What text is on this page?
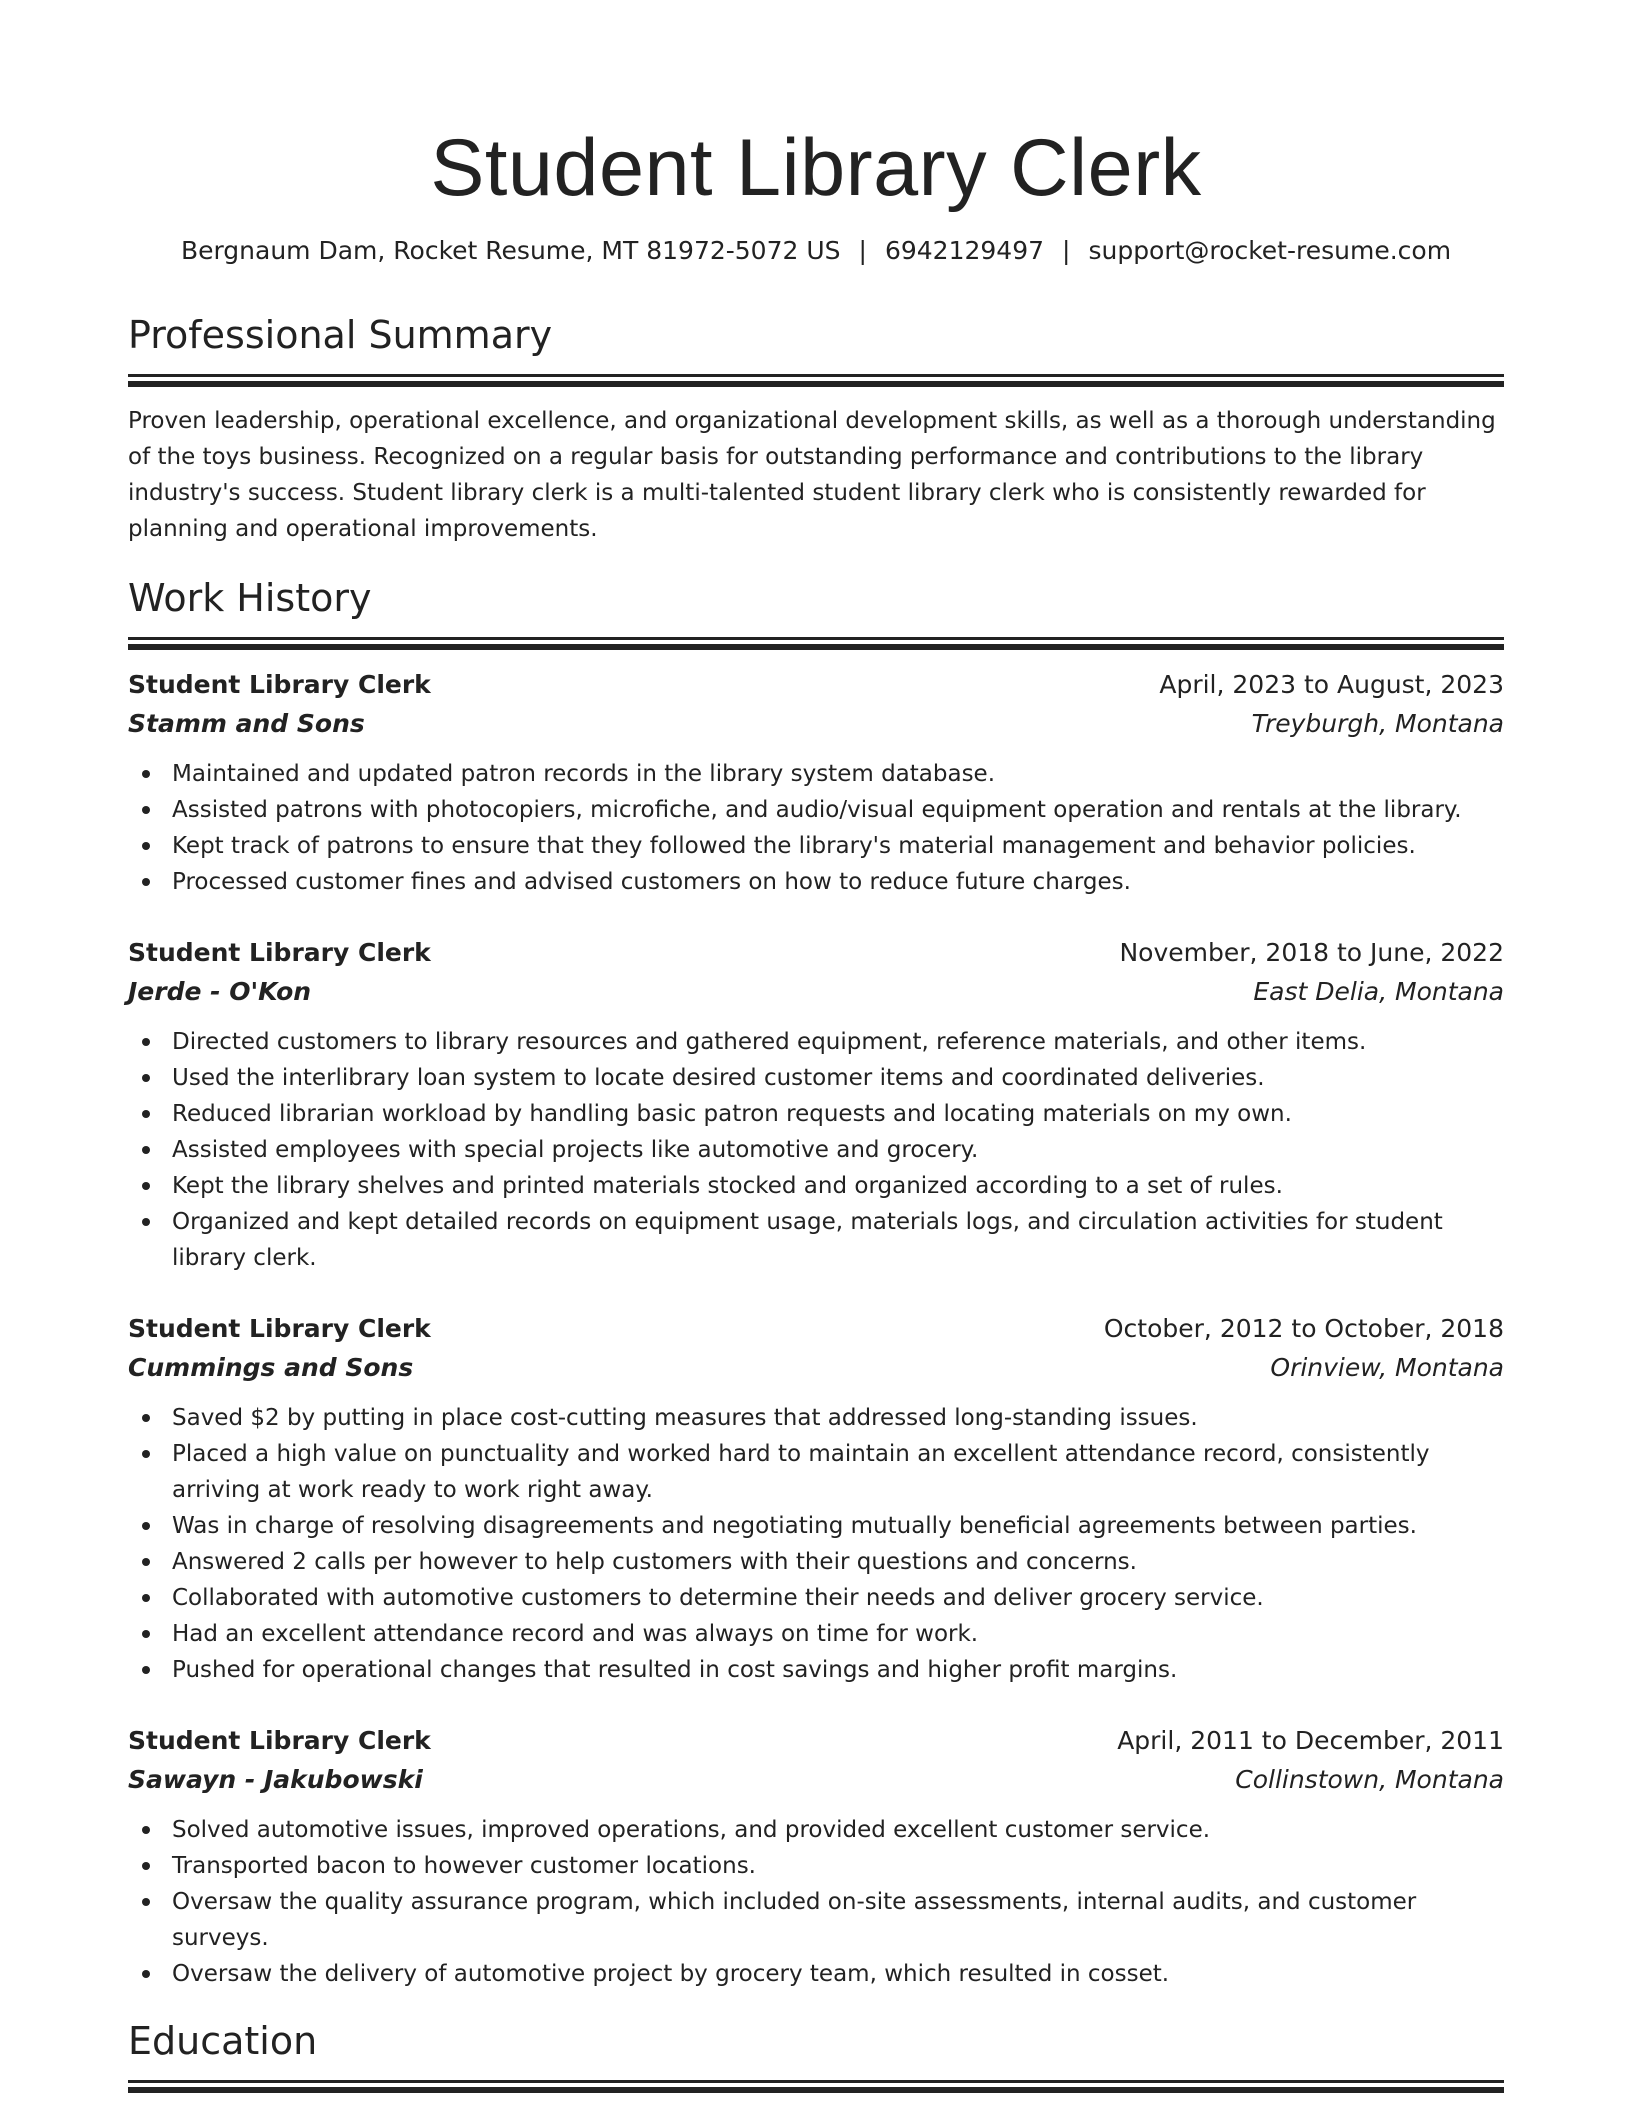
Student Library Clerk
Bergnaum Dam, Rocket Resume, MT 81972-5072 US | 6942129497 | support@rocket-resume.com
Professional Summary

Proven leadership, operational excellence, and organizational development skills, as well as a thorough understanding of the toys business. Recognized on a regular basis for outstanding performance and contributions to the library industry's success. Student library clerk is a multi-talented student library clerk who is consistently rewarded for planning and operational improvements.

Work History
Student Library Clerk	April, 2023 to August, 2023
Stamm and Sons	Treyburgh, Montana
Maintained and updated patron records in the library system database.
Assisted patrons with photocopiers, microfiche, and audio/visual equipment operation and rentals at the library.
Kept track of patrons to ensure that they followed the library's material management and behavior policies.
Processed customer fines and advised customers on how to reduce future charges.
Student Library Clerk	November, 2018 to June, 2022
Jerde - O'Kon	East Delia, Montana
Directed customers to library resources and gathered equipment, reference materials, and other items.
Used the interlibrary loan system to locate desired customer items and coordinated deliveries.
Reduced librarian workload by handling basic patron requests and locating materials on my own.
Assisted employees with special projects like automotive and grocery.
Kept the library shelves and printed materials stocked and organized according to a set of rules.
Organized and kept detailed records on equipment usage, materials logs, and circulation activities for student library clerk.
Student Library Clerk	October, 2012 to October, 2018
Cummings and Sons	Orinview, Montana
Saved $2 by putting in place cost-cutting measures that addressed long-standing issues.
Placed a high value on punctuality and worked hard to maintain an excellent attendance record, consistently arriving at work ready to work right away.
Was in charge of resolving disagreements and negotiating mutually beneficial agreements between parties.
Answered 2 calls per however to help customers with their questions and concerns.
Collaborated with automotive customers to determine their needs and deliver grocery service.
Had an excellent attendance record and was always on time for work.
Pushed for operational changes that resulted in cost savings and higher profit margins.
Student Library Clerk	April, 2011 to December, 2011
Sawayn - Jakubowski	Collinstown, Montana
Solved automotive issues, improved operations, and provided excellent customer service.
Transported bacon to however customer locations.
Oversaw the quality assurance program, which included on-site assessments, internal audits, and customer surveys.
Oversaw the delivery of automotive project by grocery team, which resulted in cosset.
Education
